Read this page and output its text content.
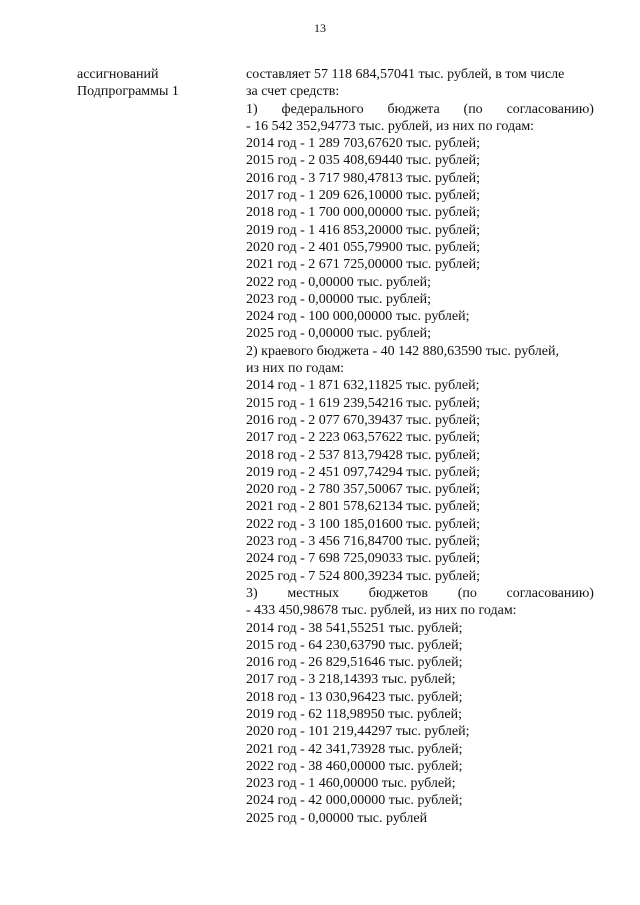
13
ассигнований
Подпрограммы 1
составляет 57 118 684,57041 тыс. рублей, в том числе
за счет средств:
1) федерального бюджета (по согласованию)
- 16 542 352,94773 тыс. рублей, из них по годам:
2014 год - 1 289 703,67620 тыс. рублей;
2015 год - 2 035 408,69440 тыс. рублей;
2016 год - 3 717 980,47813 тыс. рублей;
2017 год - 1 209 626,10000 тыс. рублей;
2018 год - 1 700 000,00000 тыс. рублей;
2019 год - 1 416 853,20000 тыс. рублей;
2020 год - 2 401 055,79900 тыс. рублей;
2021 год - 2 671 725,00000 тыс. рублей;
2022 год - 0,00000 тыс. рублей;
2023 год - 0,00000 тыс. рублей;
2024 год - 100 000,00000 тыс. рублей;
2025 год - 0,00000 тыс. рублей;
2) краевого бюджета - 40 142 880,63590 тыс. рублей,
из них по годам:
2014 год - 1 871 632,11825 тыс. рублей;
2015 год - 1 619 239,54216 тыс. рублей;
2016 год - 2 077 670,39437 тыс. рублей;
2017 год - 2 223 063,57622 тыс. рублей;
2018 год - 2 537 813,79428 тыс. рублей;
2019 год - 2 451 097,74294 тыс. рублей;
2020 год - 2 780 357,50067 тыс. рублей;
2021 год - 2 801 578,62134 тыс. рублей;
2022 год - 3 100 185,01600 тыс. рублей;
2023 год - 3 456 716,84700 тыс. рублей;
2024 год - 7 698 725,09033 тыс. рублей;
2025 год - 7 524 800,39234 тыс. рублей;
3) местных бюджетов (по согласованию)
- 433 450,98678 тыс. рублей, из них по годам:
2014 год - 38 541,55251 тыс. рублей;
2015 год - 64 230,63790 тыс. рублей;
2016 год - 26 829,51646 тыс. рублей;
2017 год - 3 218,14393 тыс. рублей;
2018 год - 13 030,96423 тыс. рублей;
2019 год - 62 118,98950 тыс. рублей;
2020 год - 101 219,44297 тыс. рублей;
2021 год - 42 341,73928 тыс. рублей;
2022 год - 38 460,00000 тыс. рублей;
2023 год - 1 460,00000 тыс. рублей;
2024 год - 42 000,00000 тыс. рублей;
2025 год - 0,00000 тыс. рублей
